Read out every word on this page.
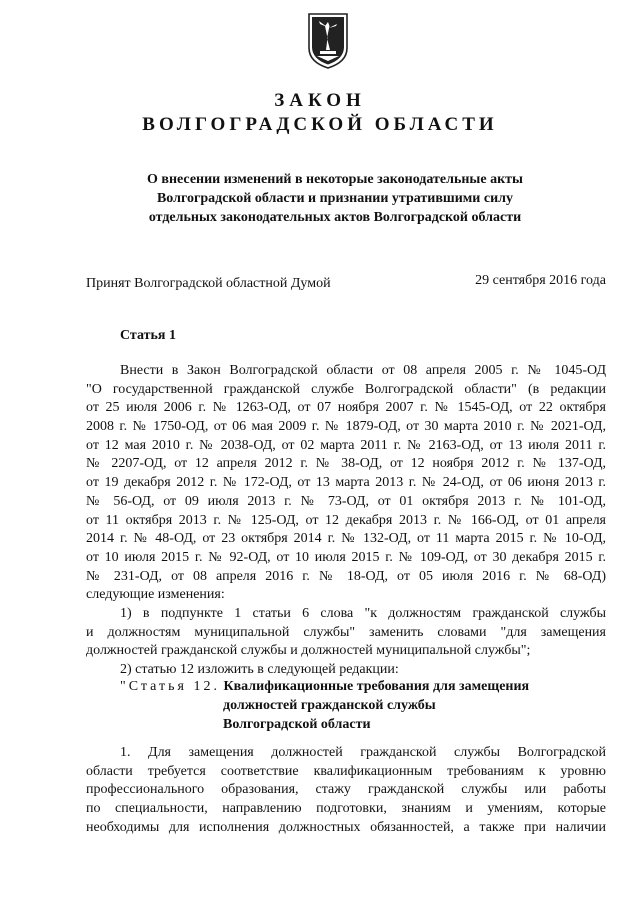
ЗАКОН
ВОЛГОГРАДСКОЙ ОБЛАСТИ
О внесении изменений в некоторые законодательные акты
Волгоградской области и признании утратившими силу
отдельных законодательных актов Волгоградской области
Принят Волгоградской областной Думой	29 сентября 2016 года
Статья 1
Внести в Закон Волгоградской области от 08 апреля 2005 г. № 1045-ОД
"О государственной гражданской службе Волгоградской области" (в редакции
от 25 июля 2006 г. № 1263-ОД, от 07 ноября 2007 г. № 1545-ОД, от 22 октября
2008 г. № 1750-ОД, от 06 мая 2009 г. № 1879-ОД, от 30 марта 2010 г. № 2021-ОД,
от 12 мая 2010 г. № 2038-ОД, от 02 марта 2011 г. № 2163-ОД, от 13 июля 2011 г.
№ 2207-ОД, от 12 апреля 2012 г. № 38-ОД, от 12 ноября 2012 г. № 137-ОД,
от 19 декабря 2012 г. № 172-ОД, от 13 марта 2013 г. № 24-ОД, от 06 июня 2013 г.
№ 56-ОД, от 09 июля 2013 г. № 73-ОД, от 01 октября 2013 г. № 101-ОД,
от 11 октября 2013 г. № 125-ОД, от 12 декабря 2013 г. № 166-ОД, от 01 апреля
2014 г. № 48-ОД, от 23 октября 2014 г. № 132-ОД, от 11 марта 2015 г. № 10-ОД,
от 10 июля 2015 г. № 92-ОД, от 10 июля 2015 г. № 109-ОД, от 30 декабря 2015 г.
№ 231-ОД, от 08 апреля 2016 г. № 18-ОД, от 05 июля 2016 г. № 68-ОД)
следующие изменения:
1) в подпункте 1 статьи 6 слова "к должностям гражданской службы
и должностям муниципальной службы" заменить словами "для замещения
должностей гражданской службы и должностей муниципальной службы";
2) статью 12 изложить в следующей редакции:
"Статья 12. Квалификационные требования для замещения
должностей гражданской службы
Волгоградской области
1. Для замещения должностей гражданской службы Волгоградской
области требуется соответствие квалификационным требованиям к уровню
профессионального образования, стажу гражданской службы или работы
по специальности, направлению подготовки, знаниям и умениям, которые
необходимы для исполнения должностных обязанностей, а также при наличии
